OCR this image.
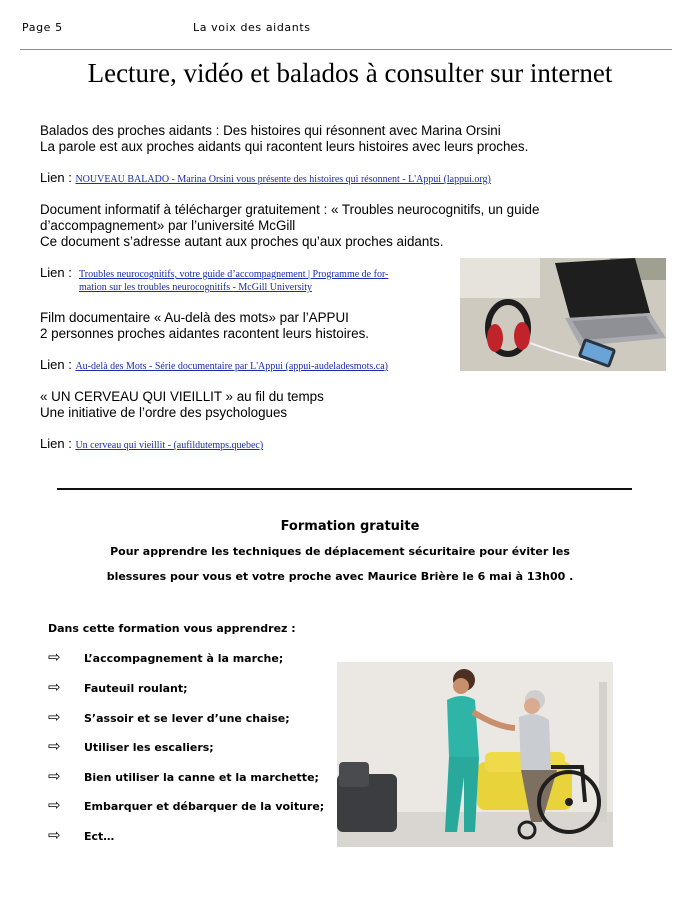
Page 5	La voix des aidants
Lecture, vidéo et balados à consulter sur internet
Balados des proches aidants : Des histoires qui résonnent avec Marina Orsini
La parole est aux proches aidants qui racontent leurs histoires avec leurs proches.
Lien : NOUVEAU BALADO - Marina Orsini vous présente des histoires qui résonnent - L'Appui (lappui.org)
Document informatif à télécharger gratuitement : « Troubles neurocognitifs, un guide
d’accompagnement» par l’université McGill
Ce document s’adresse autant aux proches qu’aux proches aidants.
Lien : Troubles neurocognitifs, votre guide d’accompagnement | Programme de for-
mation sur les troubles neurocognitifs - McGill University
Film documentaire « Au-delà des mots» par l’APPUI
2 personnes proches aidantes racontent leurs histoires.
Lien : Au-delà des Mots - Série documentaire par L'Appui (appui-audeladesmots.ca)
« UN CERVEAU QUI VIEILLIT » au fil du temps
Une initiative de l’ordre des psychologues
Lien : Un cerveau qui vieillit - (aufildutemps.quebec)
Formation gratuite
Pour apprendre les techniques de déplacement sécuritaire pour éviter les
blessures pour vous et votre proche avec Maurice Brière le 6 mai à 13h00 .
Dans cette formation vous apprendrez :
⇨ L’accompagnement à la marche;
⇨ Fauteuil roulant;
⇨ S’assoir et se lever d’une chaise;
⇨ Utiliser les escaliers;
⇨ Bien utiliser la canne et la marchette;
⇨ Embarquer et débarquer de la voiture;
⇨ Ect…
